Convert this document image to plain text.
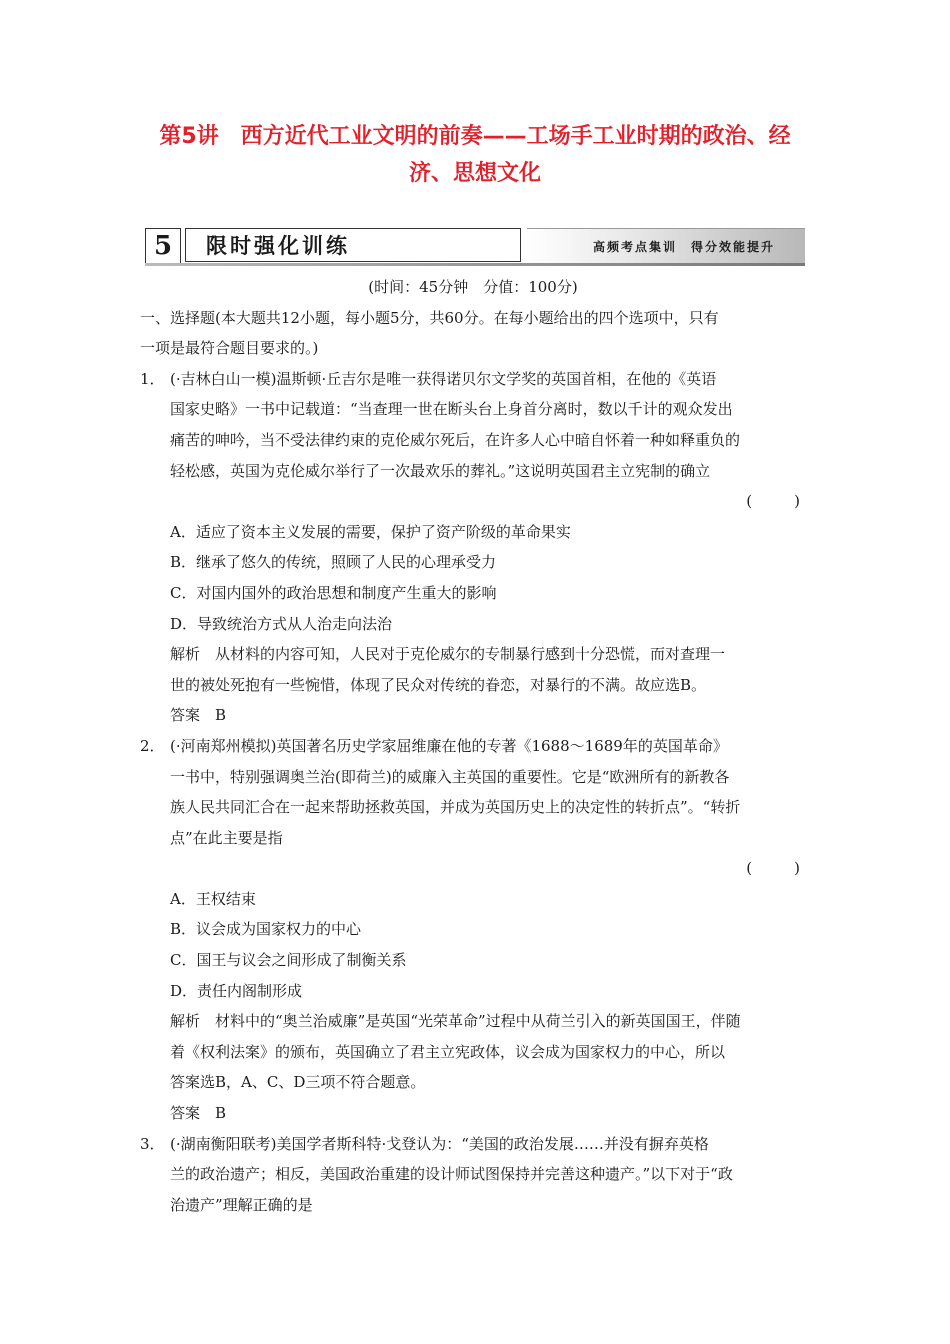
第5讲　西方近代工业文明的前奏——工场手工业时期的政治、经
济、思想文化
5	限时强化训练	高频考点集训　得分效能提升
(时间：45分钟　分值：100分)
一、选择题(本大题共12小题，每小题5分，共60分。在每小题给出的四个选项中，只有
一项是最符合题目要求的。)
1． (·吉林白山一模)温斯顿·丘吉尔是唯一获得诺贝尔文学奖的英国首相，在他的《英语
国家史略》一书中记载道：“当查理一世在断头台上身首分离时，数以千计的观众发出
痛苦的呻吟，当不受法律约束的克伦威尔死后，在许多人心中暗自怀着一种如释重负的
轻松感，英国为克伦威尔举行了一次最欢乐的葬礼。”这说明英国君主立宪制的确立
(　　)
A．适应了资本主义发展的需要，保护了资产阶级的革命果实
B．继承了悠久的传统，照顾了人民的心理承受力
C．对国内国外的政治思想和制度产生重大的影响
D．导致统治方式从人治走向法治
解析　从材料的内容可知，人民对于克伦威尔的专制暴行感到十分恐慌，而对查理一
世的被处死抱有一些惋惜，体现了民众对传统的眷恋，对暴行的不满。故应选B。
答案　B
2． (·河南郑州模拟)英国著名历史学家屈维廉在他的专著《1688～1689年的英国革命》
一书中，特别强调奥兰治(即荷兰)的威廉入主英国的重要性。它是“欧洲所有的新教各
族人民共同汇合在一起来帮助拯救英国，并成为英国历史上的决定性的转折点”。“转折
点”在此主要是指
(　　)
A．王权结束
B．议会成为国家权力的中心
C．国王与议会之间形成了制衡关系
D．责任内阁制形成
解析　材料中的“奥兰治威廉”是英国“光荣革命”过程中从荷兰引入的新英国国王，伴随
着《权利法案》的颁布，英国确立了君主立宪政体，议会成为国家权力的中心，所以
答案选B，A、C、D三项不符合题意。
答案　B
3． (·湖南衡阳联考)美国学者斯科特·戈登认为：“美国的政治发展……并没有摒弃英格
兰的政治遗产；相反，美国政治重建的设计师试图保持并完善这种遗产。”以下对于“政
治遗产”理解正确的是
